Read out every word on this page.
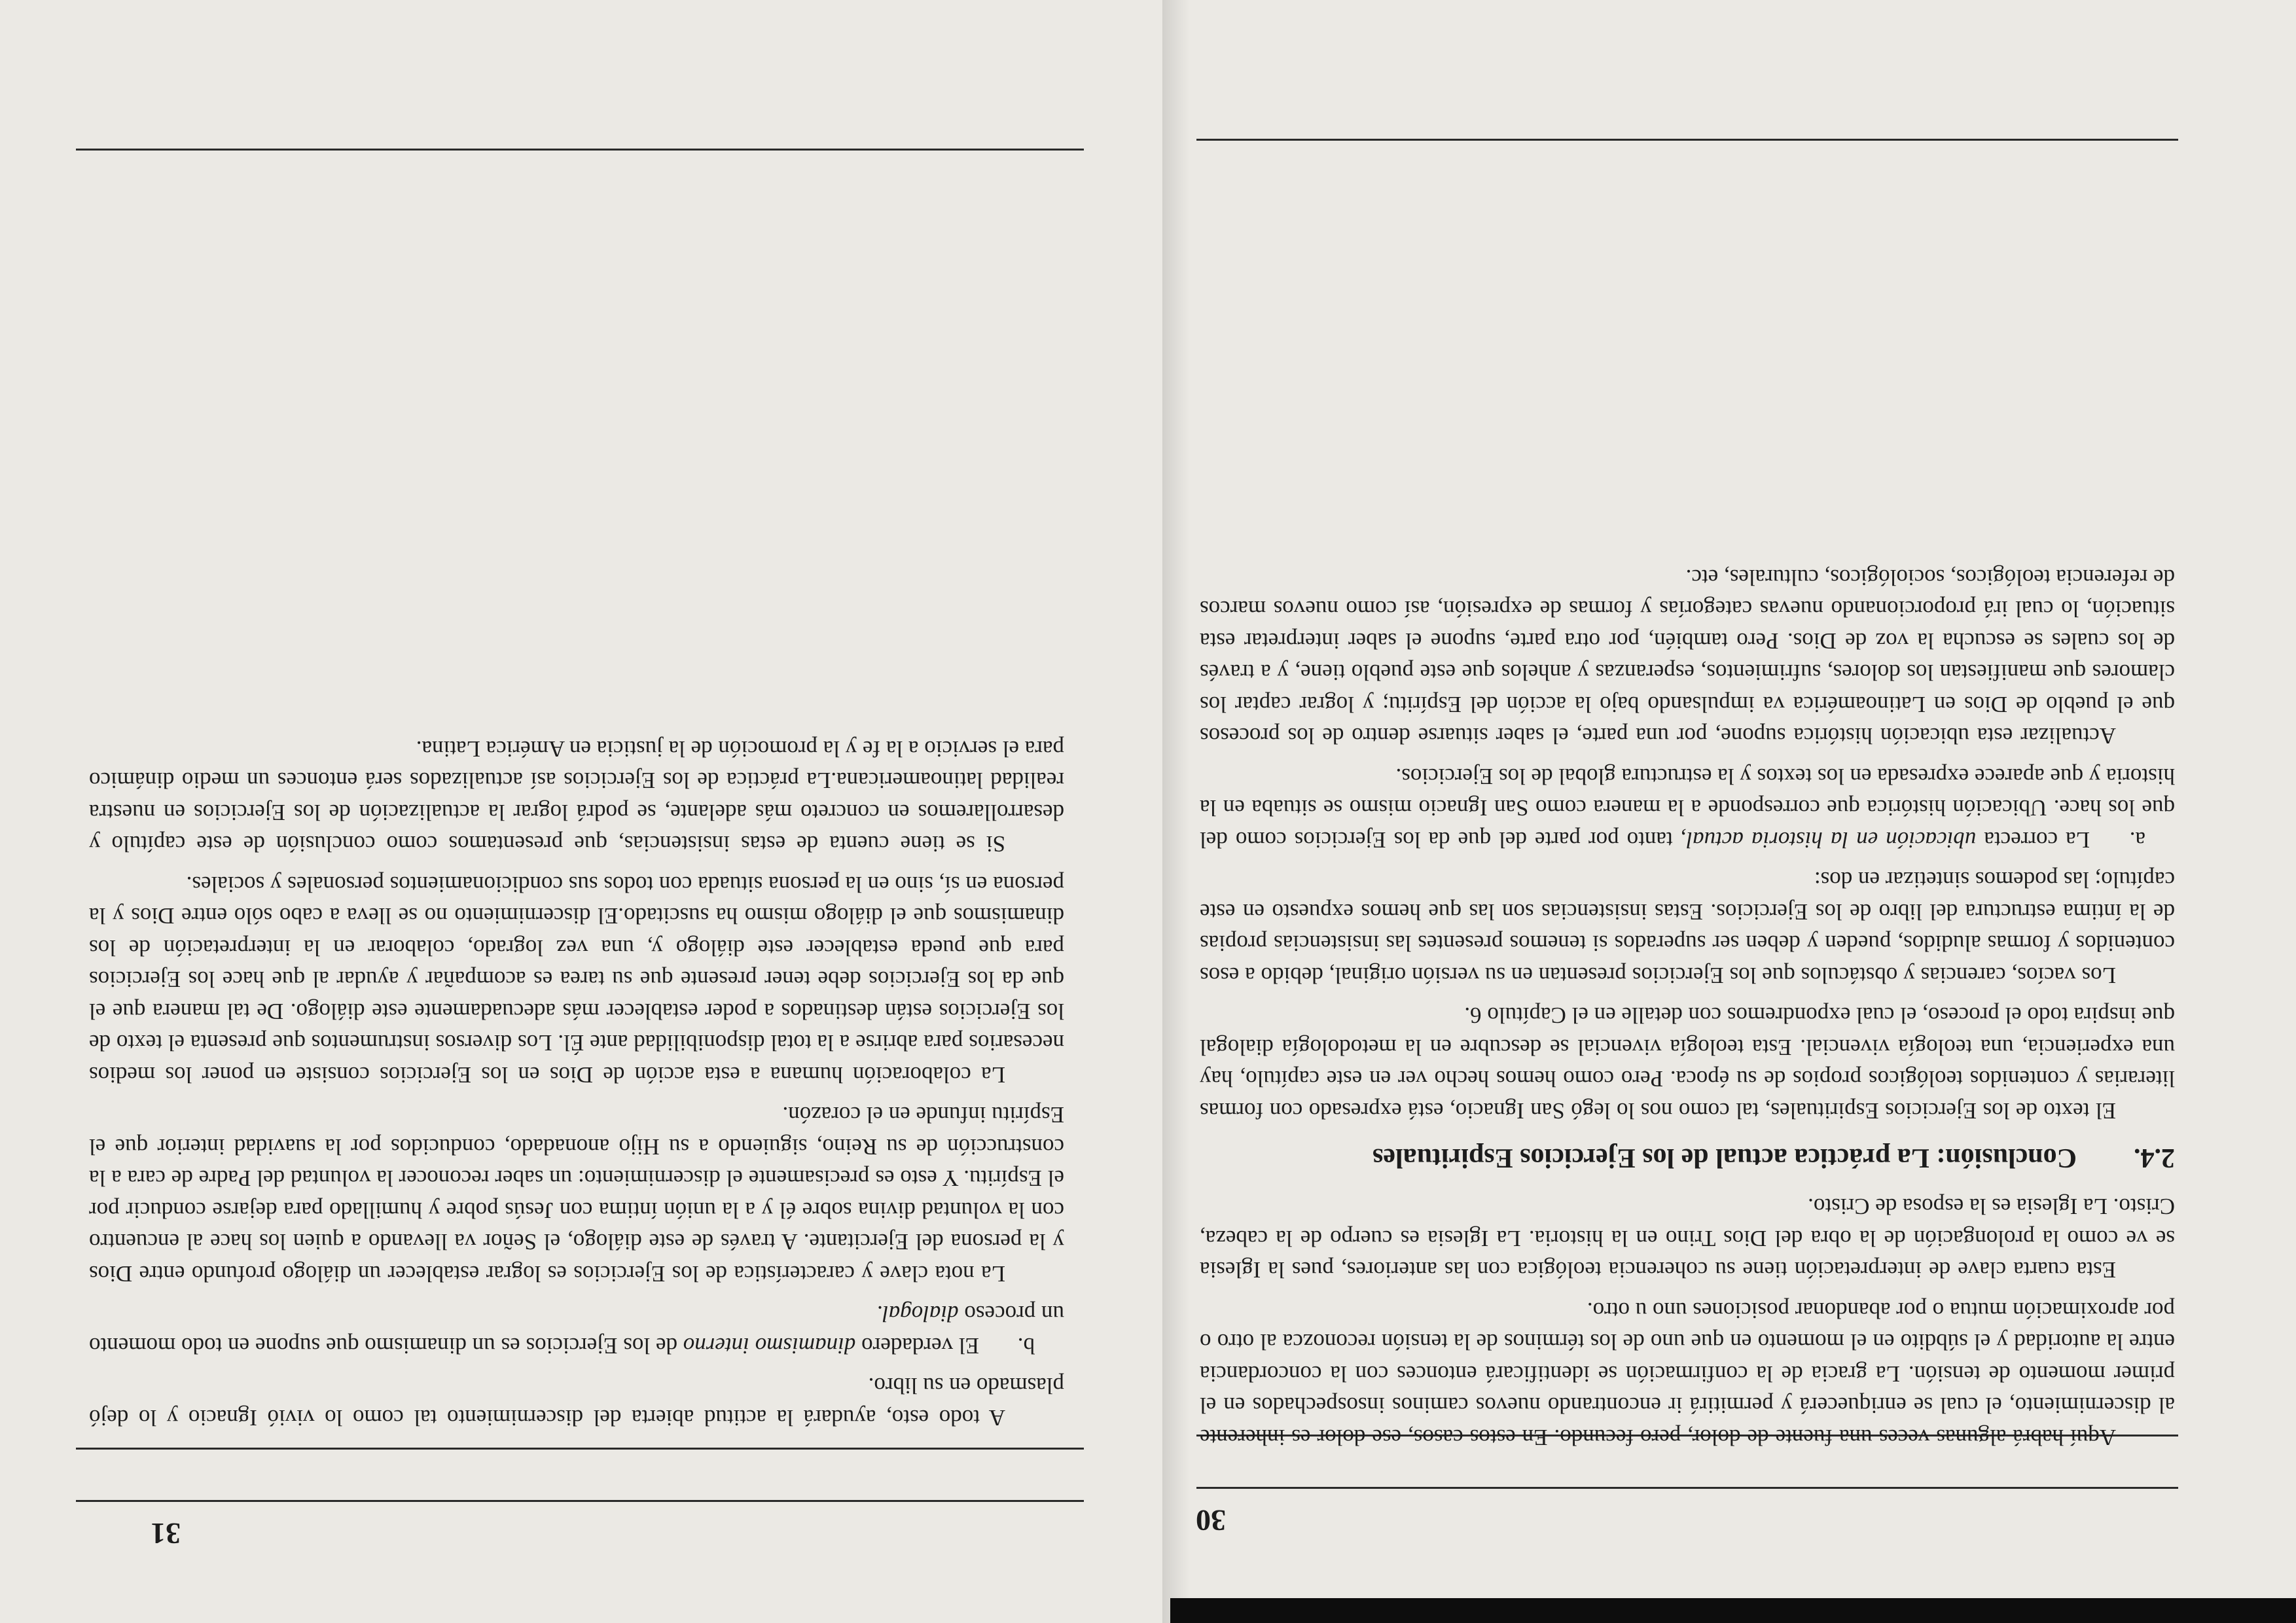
30

Aquí habrá algunas veces una fuente de dolor, pero fecundo. En estos casos, ese dolor es inherente al discernimiento, el cual se enriquecerá y permitirá ir encontrando nuevos caminos insospechados en el primer momento de tensión. La gracia de la confirmación se identificará entonces con la concordancia entre la autoridad y el súbdito en el momento en que uno de los términos de la tensión reconozca al otro o por aproximación mutua o por abandonar posiciones uno u otro.

Esta cuarta clave de interpretación tiene su coherencia teológica con las anteriores, pues la Iglesia se ve como la prolongación de la obra del Dios Trino en la historia. La Iglesia es cuerpo de la cabeza, Cristo. La Iglesia es la esposa de Cristo.

2.4.Conclusión: La práctica actual de los Ejercicios Espirituales

El texto de los Ejercicios Espirituales, tal como nos lo legó San Ignacio, está expresado con formas literarias y contenidos teológicos propios de su época. Pero como hemos hecho ver en este capítulo, hay una experiencia, una teología vivencial. Esta teología vivencial se descubre en la metodología dialogal que inspira todo el proceso, el cual expondremos con detalle en el Capítulo 6.

Los vacíos, carencias y obstáculos que los Ejercicios presentan en su versión original, debido a esos contenidos y formas aludidos, pueden y deben ser superados si tenemos presentes las insistencias propias de la íntima estructura del libro de los Ejercicios. Estas insistencias son las que hemos expuesto en este capítulo; las podemos sintetizar en dos:

a.La correcta ubicación en la historia actual, tanto por parte del que da los Ejercicios como del que los hace. Ubicación histórica que corresponde a la manera como San Ignacio mismo se situaba en la historia y que aparece expresada en los textos y la estructura global de los Ejercicios.

Actualizar esta ubicación histórica supone, por una parte, el saber situarse dentro de los procesos que el pueblo de Dios en Latinoamérica va impulsando bajo la acción del Espíritu; y lograr captar los clamores que manifiestan los dolores, sufrimientos, esperanzas y anhelos que este pueblo tiene, y a través de los cuales se escucha la voz de Dios. Pero también, por otra parte, supone el saber interpretar esta situación, lo cual irá proporcionando nuevas categorías y formas de expresión, así como nuevos marcos de referencia teológicos, sociológicos, culturales, etc.

31

A todo esto, ayudará la actitud abierta del discernimiento tal como lo vivió Ignacio y lo dejó plasmado en su libro.

b.El verdadero dinamismo interno de los Ejercicios es un dinamismo que supone en todo momento un proceso dialogal.

La nota clave y característica de los Ejercicios es lograr establecer un diálogo profundo entre Dios y la persona del Ejercitante. A través de este diálogo, el Señor va llevando a quien los hace al encuentro con la voluntad divina sobre él y a la unión íntima con Jesús pobre y humillado para dejarse conducir por el Espíritu. Y esto es precisamente el discernimiento: un saber reconocer la voluntad del Padre de cara a la construcción de su Reino, siguiendo a su Hijo anonadado, conducidos por la suavidad interior que el Espíritu infunde en el corazón.

La colaboración humana a esta acción de Dios en los Ejercicios consiste en poner los medios necesarios para abrirse a la total disponibilidad ante Él. Los diversos instrumentos que presenta el texto de los Ejercicios están destinados a poder establecer más adecuadamente este diálogo. De tal manera que el que da los Ejercicios debe tener presente que su tarea es acompañar y ayudar al que hace los Ejercicios para que pueda establecer este diálogo y, una vez logrado, colaborar en la interpretación de los dinamismos que el diálogo mismo ha suscitado.El discernimiento no se lleva a cabo sólo entre Dios y la persona en sí, sino en la persona situada con todos sus condicionamientos personales y sociales.

Si se tiene cuenta de estas insistencias, que presentamos como conclusión de este capítulo y desarrollaremos en concreto más adelante, se podrá lograr la actualización de los Ejercicios en nuestra realidad latinoamericana.La práctica de los Ejercicios así actualizados será entonces un medio dinámico para el servicio a la fe y la promoción de la justicia en América Latina.
